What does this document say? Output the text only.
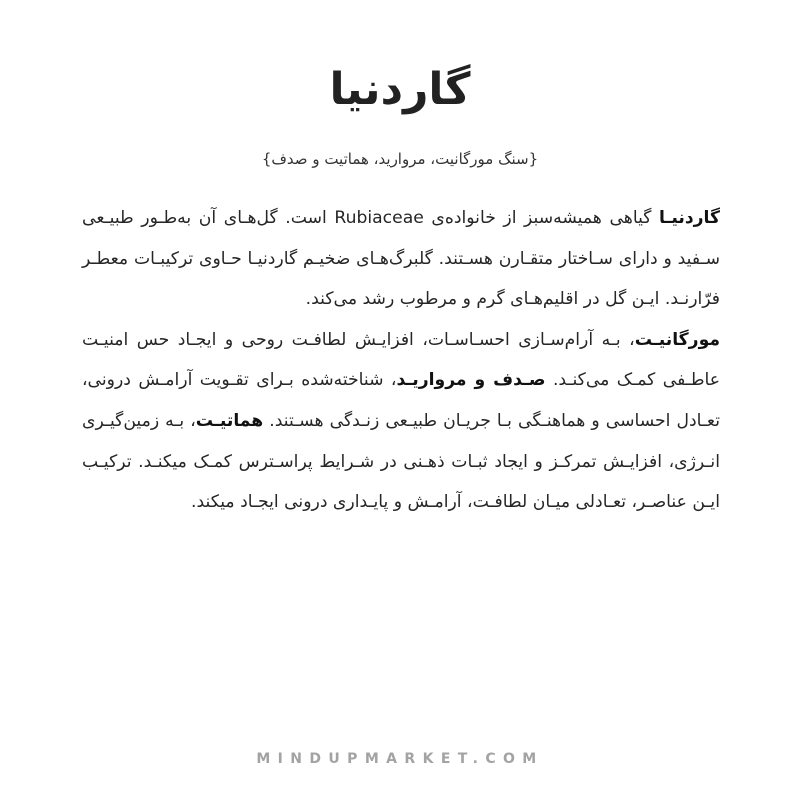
گاردنیا
{سنگ مورگانیت، مروارید، هماتیت و صدف}

گاردنیـا گیاهی همیشه‌سبز از خانواده‌ی Rubiaceae است. گل‌هـای آن به‌طـور طبیـعی سـفید و دارای سـاختار متقـارن هسـتند. گلبرگ‌هـای ضخیـم گاردنیـا حـاوی ترکیبـات معطـر فرّارنـد. ایـن گل در اقلیم‌هـای گرم و مرطوب رشد می‌کند.

مورگانیـت، بـه آرام‌سـازی احسـاسـات، افزایـش لطافـت روحی و ایجـاد حس امنیـت عاطـفی کمـک می‌کنـد. صـدف و مرواریـد، شناخته‌شده بـرای تقـویت آرامـش درونی، تعـادل احساسی و هماهنـگی بـا جریـان طبیـعی زنـدگی هسـتند. هماتیـت، بـه زمین‌گیـری انـرژی، افزایـش تمرکـز و ایجاد ثبـات ذهـنی در شـرایط پراسـترس کمـک میکنـد. ترکیـب ایـن عناصـر، تعـادلی میـان لطافـت، آرامـش و پایـداری درونی ایجـاد میکند.

MINDUPMARKET.COM
